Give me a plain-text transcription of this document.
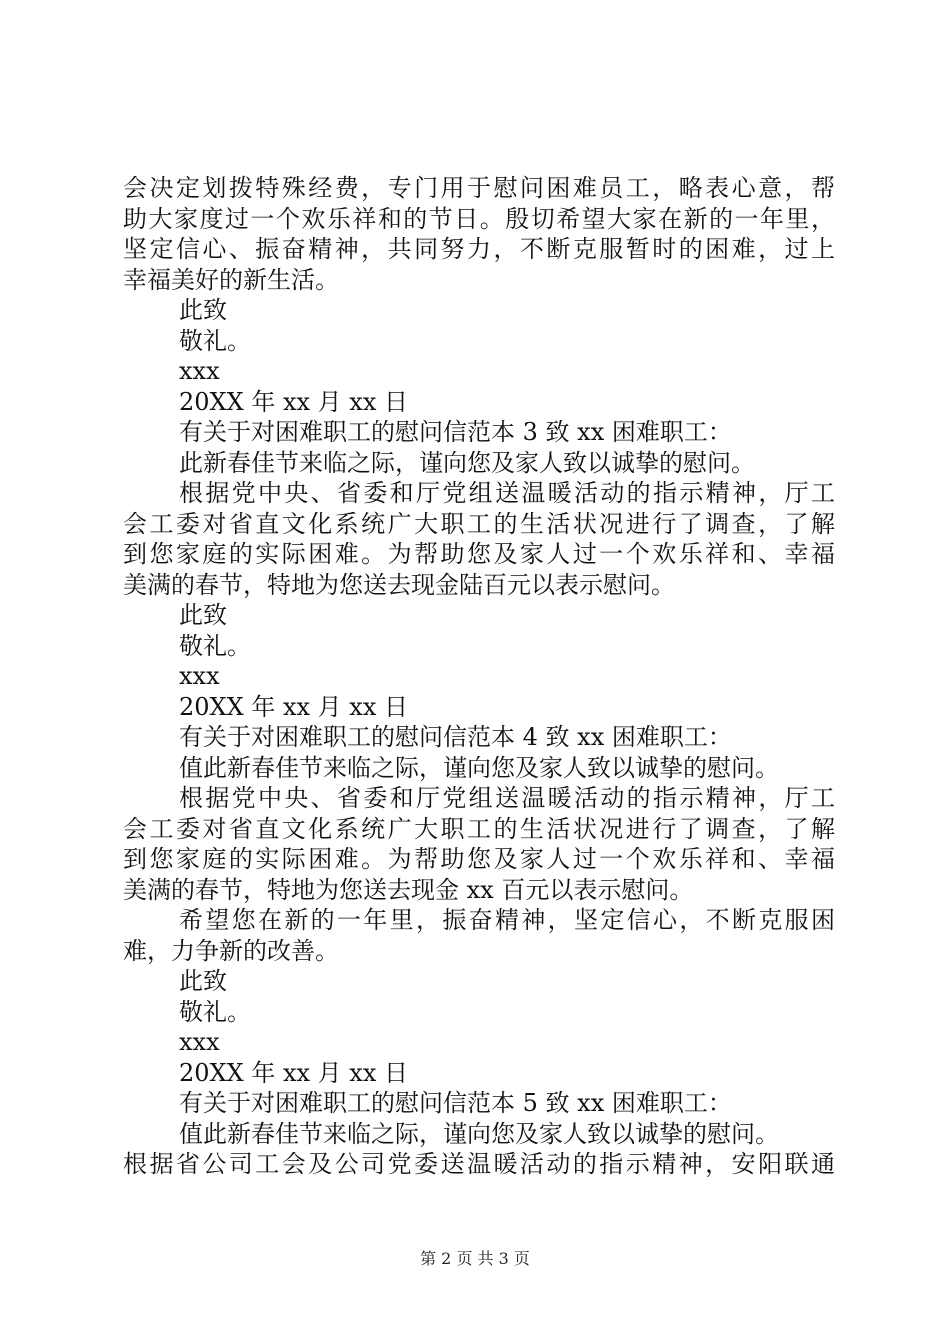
会决定划拨特殊经费，专门用于慰问困难员工，略表心意，帮
助大家度过一个欢乐祥和的节日。殷切希望大家在新的一年里，
坚定信心、振奋精神，共同努力，不断克服暂时的困难，过上
幸福美好的新生活。
此致
敬礼。
xxx
20XX 年 xx 月 xx 日
有关于对困难职工的慰问信范本 3 致 xx 困难职工：
此新春佳节来临之际，谨向您及家人致以诚挚的慰问。
根据党中央、省委和厅党组送温暖活动的指示精神，厅工
会工委对省直文化系统广大职工的生活状况进行了调查，了解
到您家庭的实际困难。为帮助您及家人过一个欢乐祥和、幸福
美满的春节，特地为您送去现金陆百元以表示慰问。
此致
敬礼。
xxx
20XX 年 xx 月 xx 日
有关于对困难职工的慰问信范本 4 致 xx 困难职工：
值此新春佳节来临之际，谨向您及家人致以诚挚的慰问。
根据党中央、省委和厅党组送温暖活动的指示精神，厅工
会工委对省直文化系统广大职工的生活状况进行了调查，了解
到您家庭的实际困难。为帮助您及家人过一个欢乐祥和、幸福
美满的春节，特地为您送去现金 xx 百元以表示慰问。
希望您在新的一年里，振奋精神，坚定信心，不断克服困
难，力争新的改善。
此致
敬礼。
xxx
20XX 年 xx 月 xx 日
有关于对困难职工的慰问信范本 5 致 xx 困难职工：
值此新春佳节来临之际，谨向您及家人致以诚挚的慰问。
根据省公司工会及公司党委送温暖活动的指示精神，安阳联通
第 2 页 共 3 页
